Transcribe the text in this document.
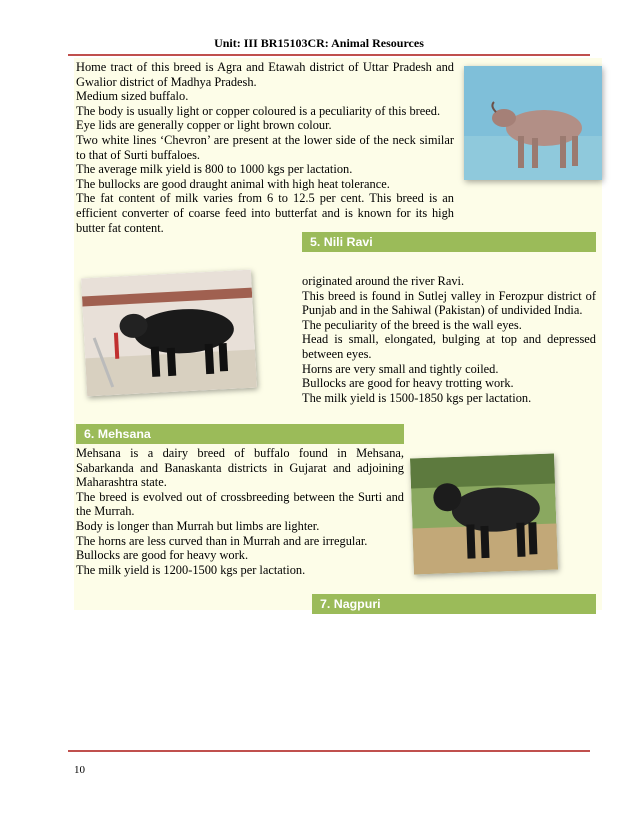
Unit: III BR15103CR: Animal Resources

Home tract of this breed is Agra and Etawah district of Uttar Pradesh and Gwalior district of Madhya Pradesh.

Medium sized buffalo.

The body is usually light or copper coloured is a peculiarity of this breed.

Eye lids are generally copper or light brown colour.

Two white lines ‘Chevron’ are present at the lower side of the neck similar to that of Surti buffaloes.

The average milk yield is 800 to 1000 kgs per lactation.

The bullocks are good draught animal with high heat tolerance.

The fat content of milk varies from 6 to 12.5 per cent. This breed is an efficient converter of coarse feed into butterfat and is known for its high butter fat content.

5. Nili Ravi

originated around the river Ravi.

This breed is found in Sutlej valley in Ferozpur district of Punjab and in the Sahiwal (Pakistan) of undivided India.

The peculiarity of the breed is the wall eyes.

Head is small, elongated, bulging at top and depressed between eyes.

Horns are very small and tightly coiled.

Bullocks are good for heavy trotting work.

The milk yield is 1500-1850 kgs per lactation.

6. Mehsana

Mehsana is a dairy breed of buffalo found in Mehsana, Sabarkanda and Banaskanta districts in Gujarat and adjoining Maharashtra state.

The breed is evolved out of crossbreeding between the Surti and the Murrah.

Body is longer than Murrah but limbs are lighter.

The horns are less curved than in Murrah and are irregular.

Bullocks are good for heavy work.

The milk yield is 1200-1500 kgs per lactation.

7. Nagpuri
10
